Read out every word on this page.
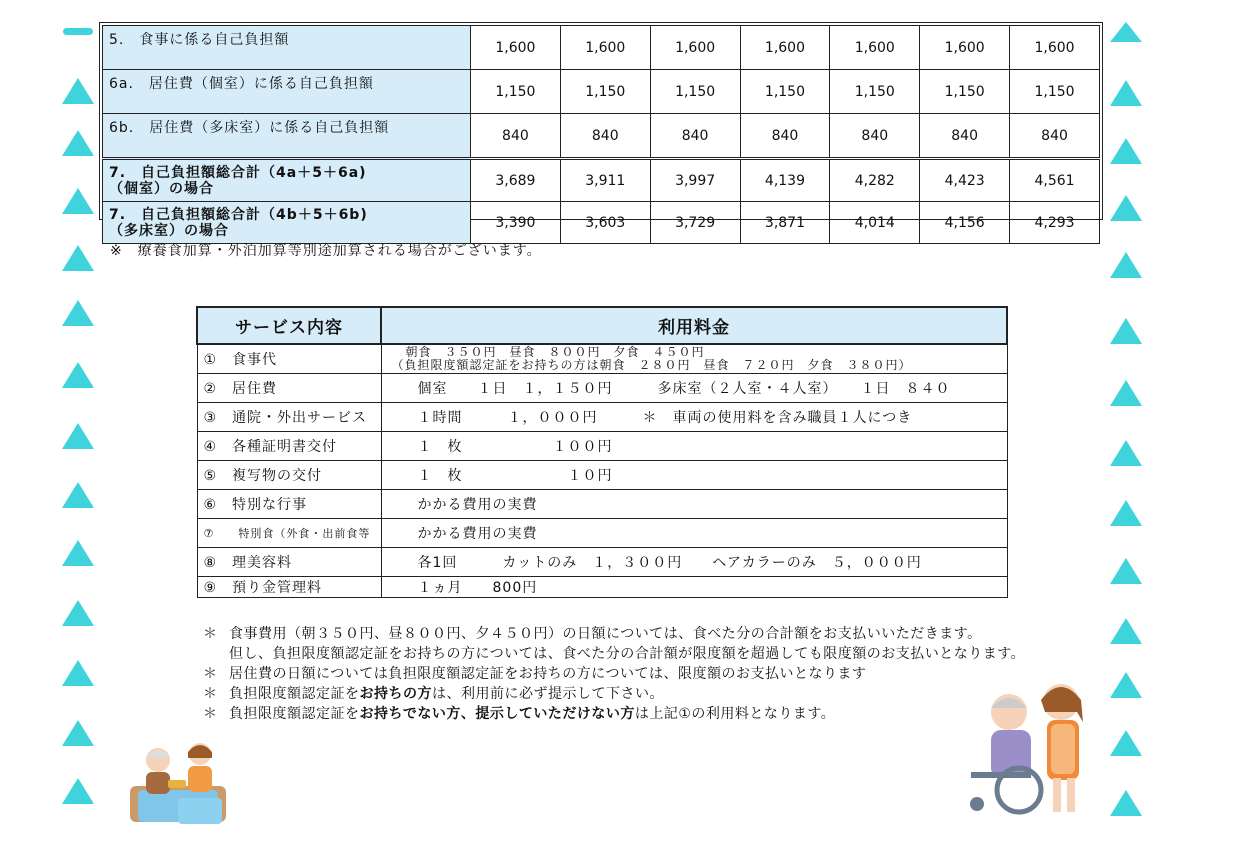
5.　食事に係る自己負担額	1,600	1,600	1,600	1,600	1,600	1,600	1,600
6a.　居住費（個室）に係る自己負担額	1,150	1,150	1,150	1,150	1,150	1,150	1,150
6b.　居住費（多床室）に係る自己負担額	840	840	840	840	840	840	840
7.　自己負担額総合計（4a＋5＋6a)
（個室）の場合	3,689	3,911	3,997	4,139	4,282	4,423	4,561
7.　自己負担額総合計（4b＋5＋6b)
（多床室）の場合	3,390	3,603	3,729	3,871	4,014	4,156	4,293
※　療養食加算・外泊加算等別途加算される場合がございます。
サービス内容	利用料金
①　食事代	朝食　３５０円　昼食　８００円　夕食　４５０円
（負担限度額認定証をお持ちの方は朝食　２８０円　昼食　７２０円　夕食　３８０円）

②　居住費	個室　　１日　１，１５０円　　　多床室（２人室・４人室）　　１日　８４０
③　通院・外出サービス	１時間　　　１，０００円　　　＊　車両の使用料を含み職員１人につき
④　各種証明書交付	１　枚　　　　　　１００円
⑤　複写物の交付	１　枚　　　　　　　１０円
⑥　特別な行事	かかる費用の実費
⑦　　特別食（外食・出前食等	かかる費用の実費
⑧　理美容料	各1回　　　カットのみ　１，３００円　　ヘアカラーのみ　５，０００円
⑨　預り金管理料	１ヵ月　　800円
＊ 食事費用（朝３５０円、昼８００円、夕４５０円）の日額については、食べた分の合計額をお支払いいただきます。
但し、負担限度額認定証をお持ちの方については、食べた分の合計額が限度額を超過しても限度額のお支払いとなります。
＊ 居住費の日額については負担限度額認定証をお持ちの方については、限度額のお支払いとなります
＊ 負担限度額認定証をお持ちの方は、利用前に必ず提示して下さい。
＊ 負担限度額認定証をお持ちでない方、提示していただけない方は上記①の利用料となります。
